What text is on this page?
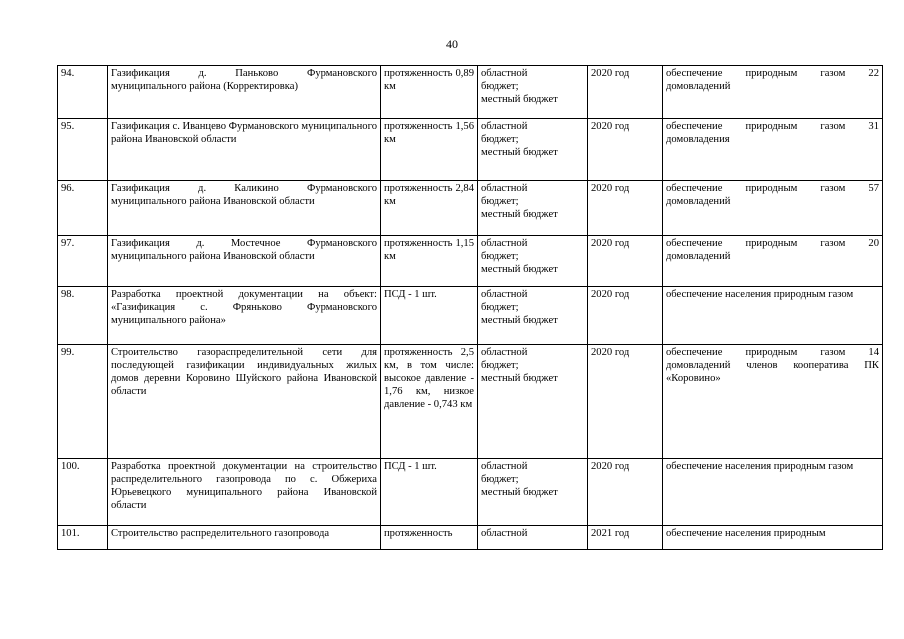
40
94.	Газификация д. Паньково Фурмановского муниципального района (Корректировка)	протяженность 0,89 км	областной
бюджет;
местный бюджет	2020 год	обеспечение природным газом 22 домовладений
95.	Газификация с. Иванцево Фурмановского муниципального района Ивановской области	протяженность 1,56 км	областной
бюджет;
местный бюджет	2020 год	обеспечение природным газом 31 домовладения
96.	Газификация д. Каликино Фурмановского муниципального района Ивановской области	протяженность 2,84 км	областной
бюджет;
местный бюджет	2020 год	обеспечение природным газом 57 домовладений
97.	Газификация д. Мостечное Фурмановского муниципального района Ивановской области	протяженность 1,15 км	областной
бюджет;
местный бюджет	2020 год	обеспечение природным газом 20 домовладений
98.	Разработка проектной документации на объект: «Газификация с. Фряньково Фурмановского муниципального района»	ПСД - 1 шт.	областной
бюджет;
местный бюджет	2020 год	обеспечение населения природным газом
99.	Строительство газораспределительной сети для последующей газификации индивидуальных жилых домов деревни Коровино Шуйского района Ивановской области	протяженность 2,5 км, в том числе: высокое давление - 1,76 км, низкое давление - 0,743 км	областной
бюджет;
местный бюджет	2020 год	обеспечение природным газом 14 домовладений членов кооператива ПК «Коровино»
100.	Разработка проектной документации на строительство распределительного газопровода по с. Обжериха Юрьевецкого муниципального района Ивановской области	ПСД - 1 шт.	областной
бюджет;
местный бюджет	2020 год	обеспечение населения природным газом
101.	Строительство распределительного газопровода	протяженность	областной	2021 год	обеспечение населения природным
